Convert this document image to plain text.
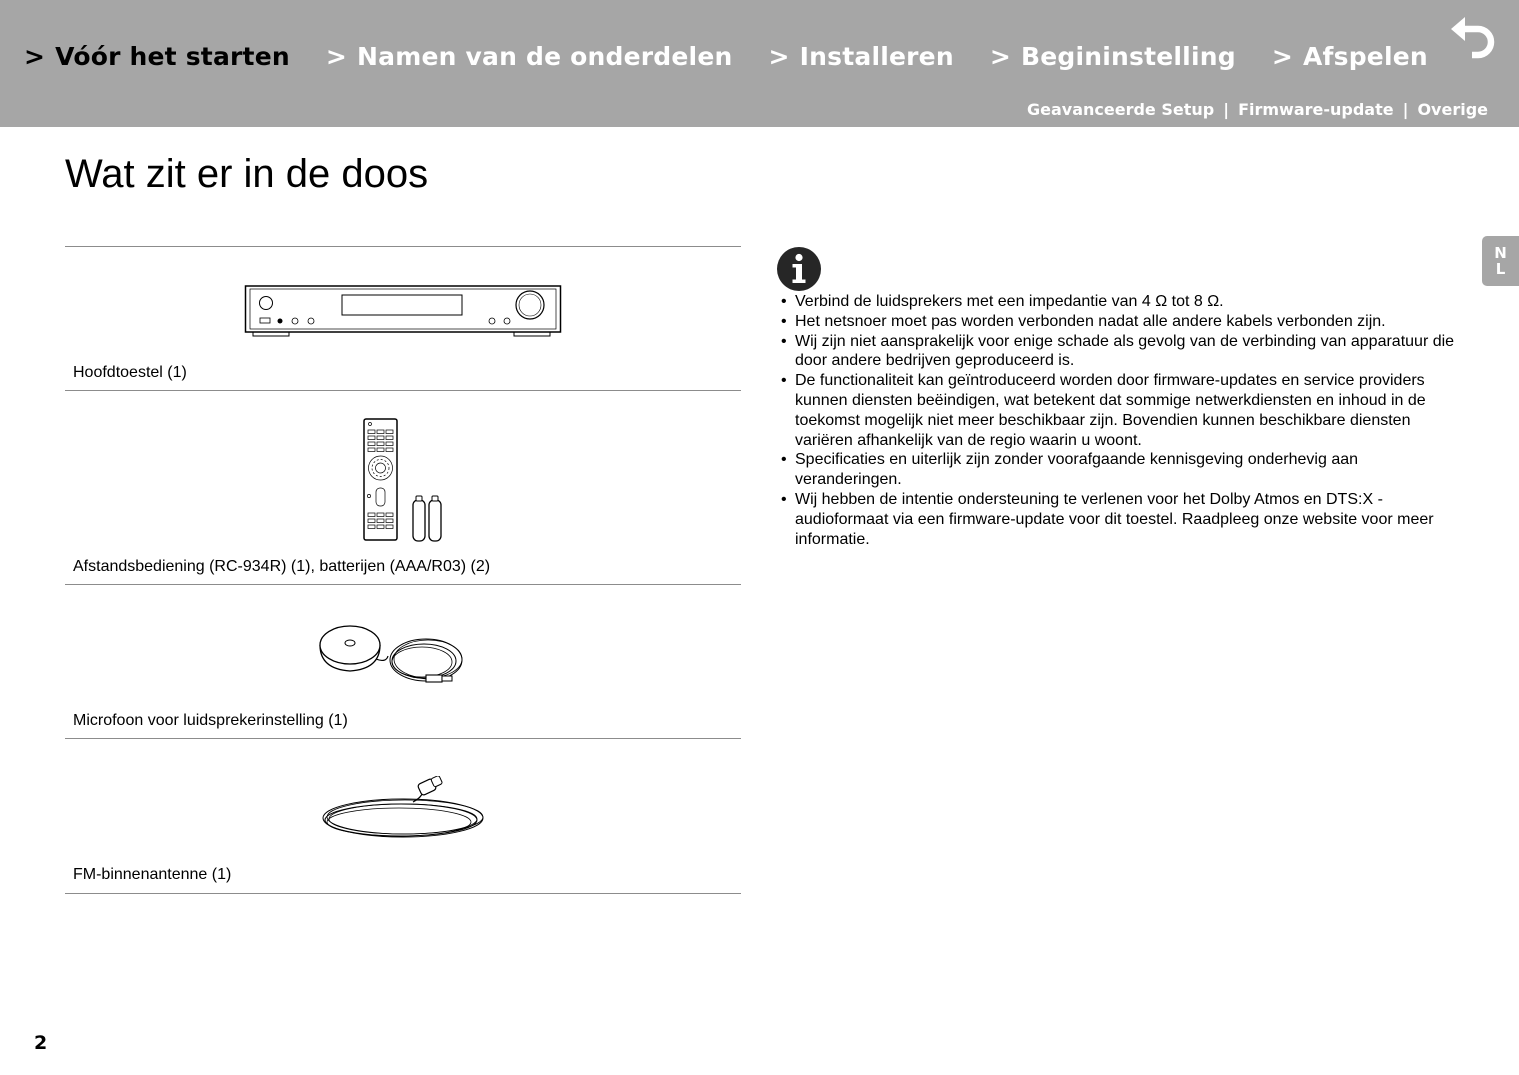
> Vóór het starten > Namen van de onderdelen > Installeren > Begininstelling > Afspelen
Geavanceerde Setup | Firmware-update | Overige
Wat zit er in de doos
N
L
Hoofdtoestel (1)
Afstandsbediening (RC-934R) (1), batterijen (AAA/R03) (2)
Microfoon voor luidsprekerinstelling (1)
FM-binnenantenne (1)
• Verbind de luidsprekers met een impedantie van 4 Ω tot 8 Ω.
• Het netsnoer moet pas worden verbonden nadat alle andere kabels verbonden zijn.
• Wij zijn niet aansprakelijk voor enige schade als gevolg van de verbinding van apparatuur die door andere bedrijven geproduceerd is.
• De functionaliteit kan geïntroduceerd worden door firmware-updates en service providers kunnen diensten beëindigen, wat betekent dat sommige netwerkdiensten en inhoud in de toekomst mogelijk niet meer beschikbaar zijn. Bovendien kunnen beschikbare diensten variëren afhankelijk van de regio waarin u woont.
• Specificaties en uiterlijk zijn zonder voorafgaande kennisgeving onderhevig aan veranderingen.
• Wij hebben de intentie ondersteuning te verlenen voor het Dolby Atmos en DTS:X -audioformaat via een firmware-update voor dit toestel. Raadpleeg onze website voor meer informatie.
2
